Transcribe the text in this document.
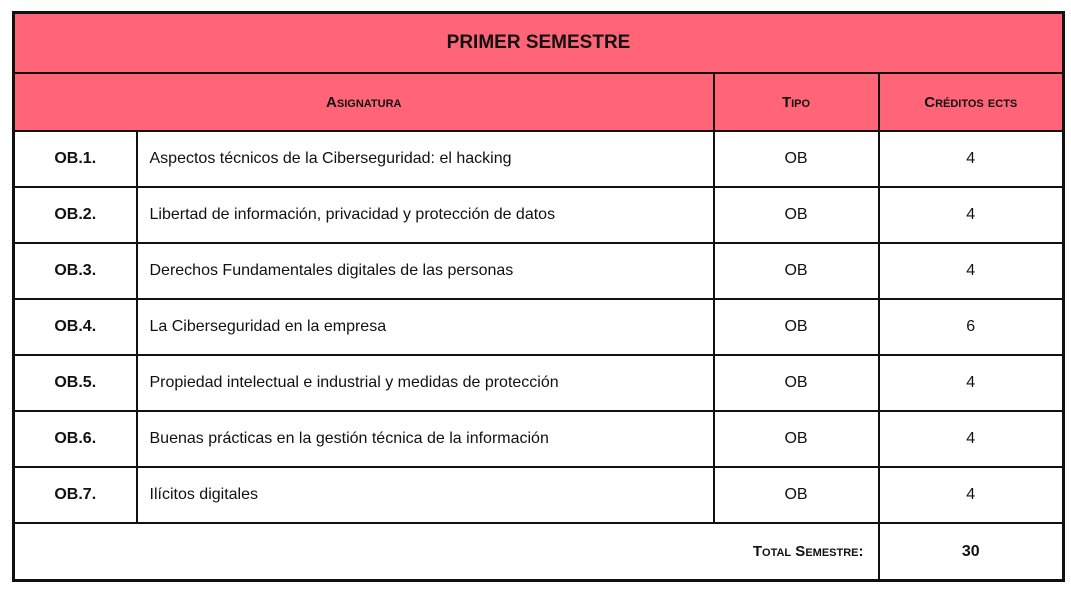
PRIMER SEMESTRE			
Asignatura		Tipo	Créditos ects
OB.1.	Aspectos técnicos de la Ciberseguridad: el hacking	OB	4
OB.2.	Libertad de información, privacidad y protección de datos	OB	4
OB.3.	Derechos Fundamentales digitales de las personas	OB	4
OB.4.	La Ciberseguridad en la empresa	OB	6
OB.5.	Propiedad intelectual e industrial y medidas de protección	OB	4
OB.6.	Buenas prácticas en la gestión técnica de la información	OB	4
OB.7.	Ilícitos digitales	OB	4
Total Semestre:			30
